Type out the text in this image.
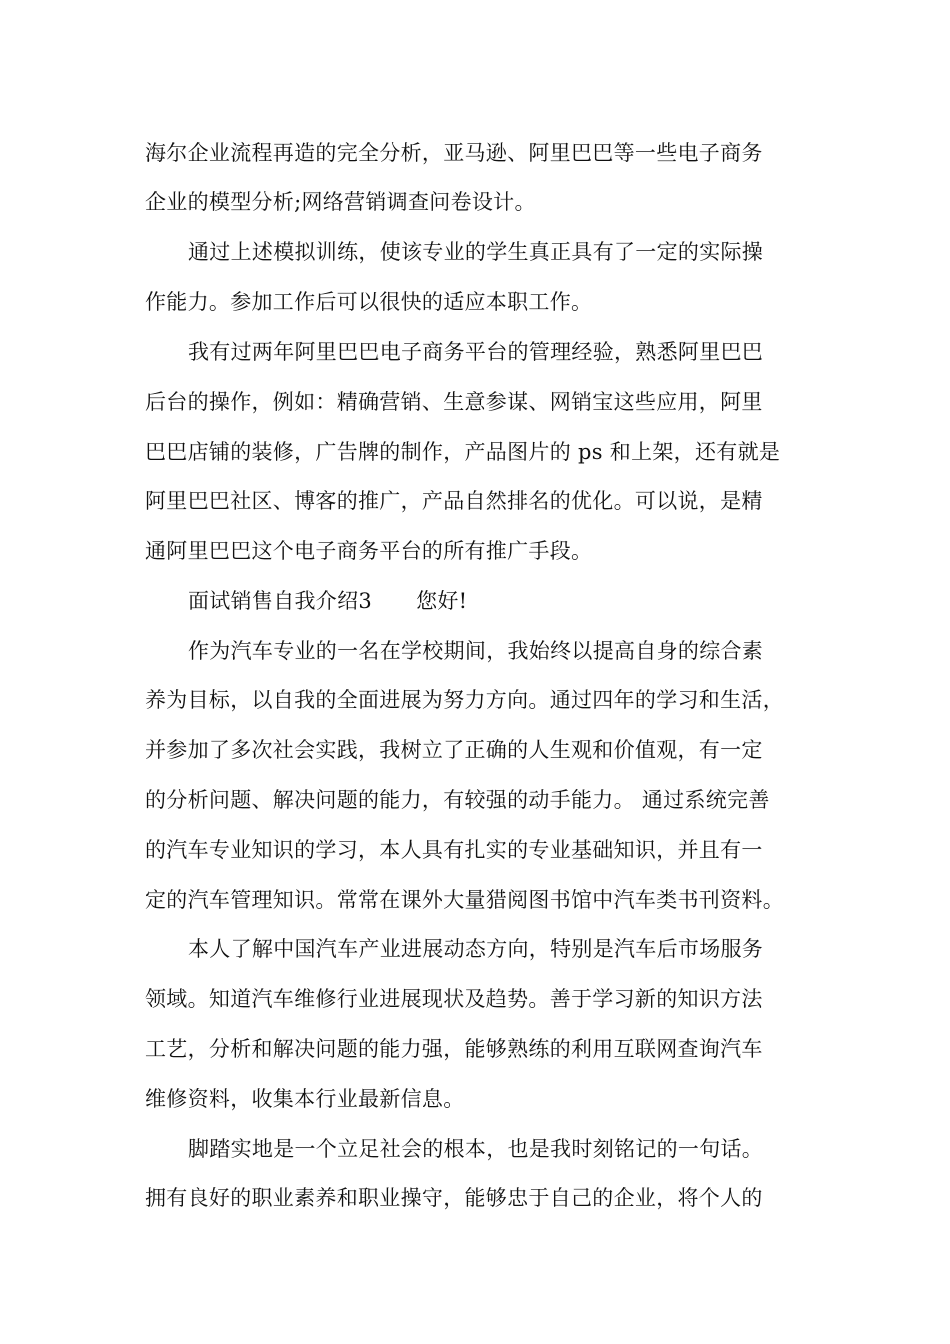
海尔企业流程再造的完全分析，亚马逊、阿里巴巴等一些电子商务
企业的模型分析;网络营销调查问卷设计。
通过上述模拟训练，使该专业的学生真正具有了一定的实际操
作能力。参加工作后可以很快的适应本职工作。
我有过两年阿里巴巴电子商务平台的管理经验，熟悉阿里巴巴
后台的操作，例如：精确营销、生意参谋、网销宝这些应用，阿里
巴巴店铺的装修，广告牌的制作，产品图片的 ps 和上架，还有就是
阿里巴巴社区、博客的推广，产品自然排名的优化。可以说，是精
通阿里巴巴这个电子商务平台的所有推广手段。
面试销售自我介绍3 您好!
作为汽车专业的一名在学校期间，我始终以提高自身的综合素
养为目标，以自我的全面进展为努力方向。通过四年的学习和生活，
并参加了多次社会实践，我树立了正确的人生观和价值观，有一定
的分析问题、解决问题的能力，有较强的动手能力。 通过系统完善
的汽车专业知识的学习，本人具有扎实的专业基础知识，并且有一
定的汽车管理知识。常常在课外大量猎阅图书馆中汽车类书刊资料。
本人了解中国汽车产业进展动态方向，特别是汽车后市场服务
领域。知道汽车维修行业进展现状及趋势。善于学习新的知识方法
工艺，分析和解决问题的能力强，能够熟练的利用互联网查询汽车
维修资料，收集本行业最新信息。
脚踏实地是一个立足社会的根本，也是我时刻铭记的一句话。
拥有良好的职业素养和职业操守，能够忠于自己的企业，将个人的
